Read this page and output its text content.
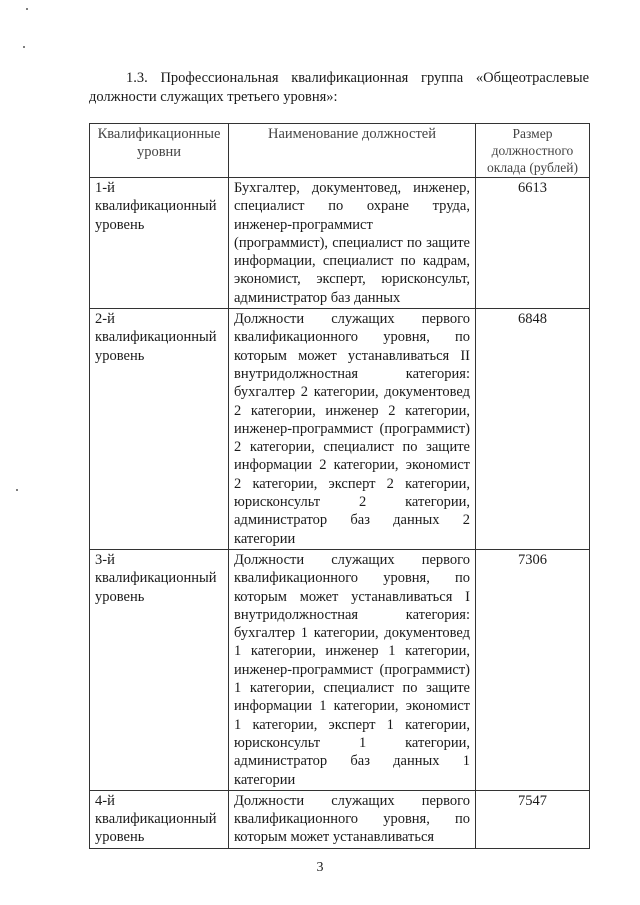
1.3. Профессиональная квалификационная группа «Общеотраслевые должности служащих третьего уровня»:
Квалификационные уровни	Наименование должностей	Размер должностного оклада (рублей)
1-й квалификационный уровень	Бухгалтер, документовед, инженер, специалист по охране труда, инженер-программист (программист), специалист по защите информации, специалист по кадрам, экономист, эксперт, юрисконсульт, администратор баз данных	6613
2-й квалификационный уровень	Должности служащих первого квалификационного уровня, по которым может устанавливаться II внутридолжностная категория: бухгалтер 2 категории, документовед 2 категории, инженер 2 категории, инженер-программист (программист) 2 категории, специалист по защите информации 2 категории, экономист 2 категории, эксперт 2 категории, юрисконсульт 2 категории, администратор баз данных 2 категории	6848
3-й квалификационный уровень	Должности служащих первого квалификационного уровня, по которым может устанавливаться I внутридолжностная категория: бухгалтер 1 категории, документовед 1 категории, инженер 1 категории, инженер-программист (программист) 1 категории, специалист по защите информации 1 категории, экономист 1 категории, эксперт 1 категории, юрисконсульт 1 категории, администратор баз данных 1 категории	7306
4-й квалификационный уровень	Должности служащих первого квалификационного уровня, по которым может устанавливаться	7547
3
